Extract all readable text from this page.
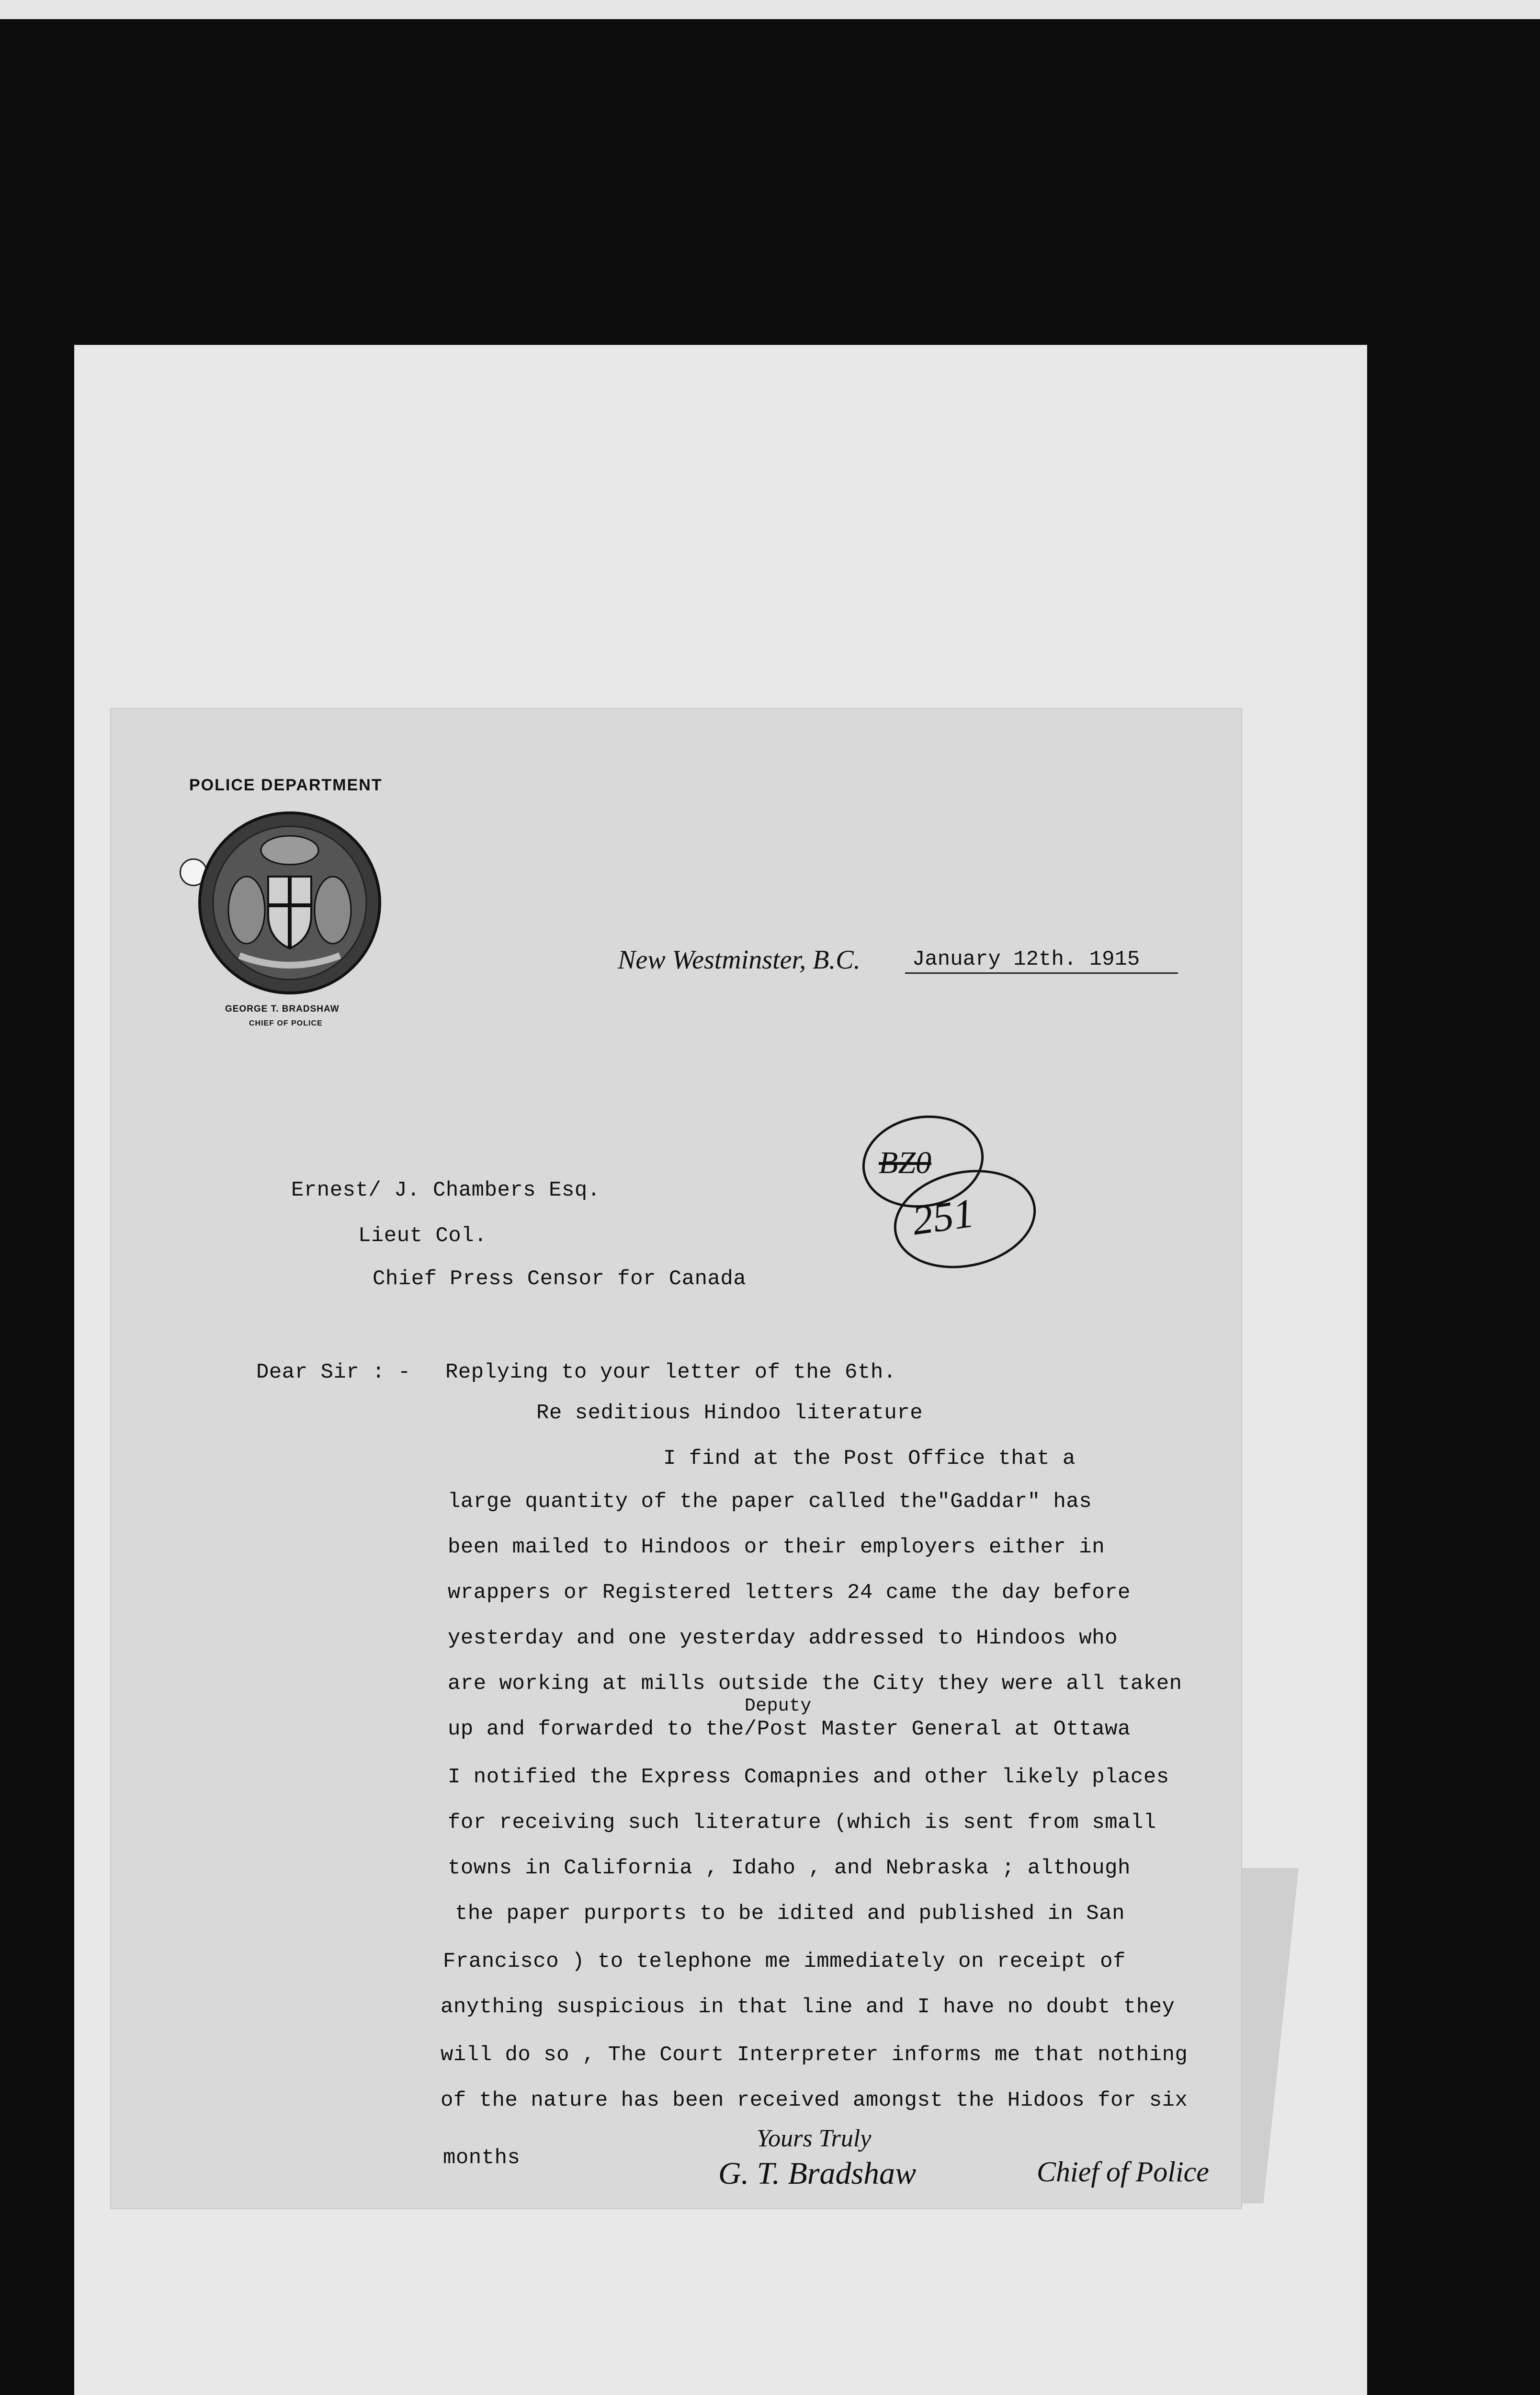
POLICE DEPARTMENT
GEORGE T. BRADSHAW
CHIEF OF POLICE
New Westminster, B.C. January 12th. 1915
BZ0
251
Ernest/ J. Chambers Esq.
Lieut Col.
Chief Press Censor for Canada
Dear Sir : - Replying to your letter of the 6th.
Re seditious Hindoo literature
I find at the Post Office that a
large quantity of the paper called the"Gaddar" has
been mailed to Hindoos or their employers either in
wrappers or Registered letters 24 came the day before
yesterday and one yesterday addressed to Hindoos who
are working at mills outside the City they were all taken
Deputy
up and forwarded to the/Post Master General at Ottawa
I notified the Express Comapnies and other likely places
for receiving such literature (which is sent from small
towns in California , Idaho , and Nebraska ; although
the paper purports to be idited and published in San
Francisco ) to telephone me immediately on receipt of
anything suspicious in that line and I have no doubt they
will do so , The Court Interpreter informs me that nothing
of the nature has been received amongst the Hidoos for six
months
Yours Truly
G. T. Bradshaw	Chief of Police
